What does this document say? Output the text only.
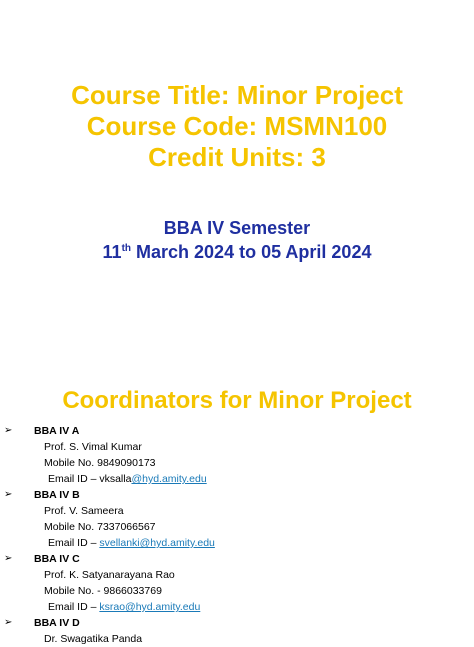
Course Title: Minor Project
Course Code: MSMN100
Credit Units: 3
BBA IV Semester
11th March 2024 to 05 April 2024
Coordinators for Minor Project
➢ BBA IV A
Prof. S. Vimal Kumar
Mobile No. 9849090173
Email ID – vksalla@hyd.amity.edu
➢ BBA IV B
Prof. V. Sameera
Mobile No. 7337066567
Email ID – svellanki@hyd.amity.edu
➢ BBA IV C
Prof. K. Satyanarayana Rao
Mobile No. - 9866033769
Email ID – ksrao@hyd.amity.edu
➢ BBA IV D
Dr. Swagatika Panda
